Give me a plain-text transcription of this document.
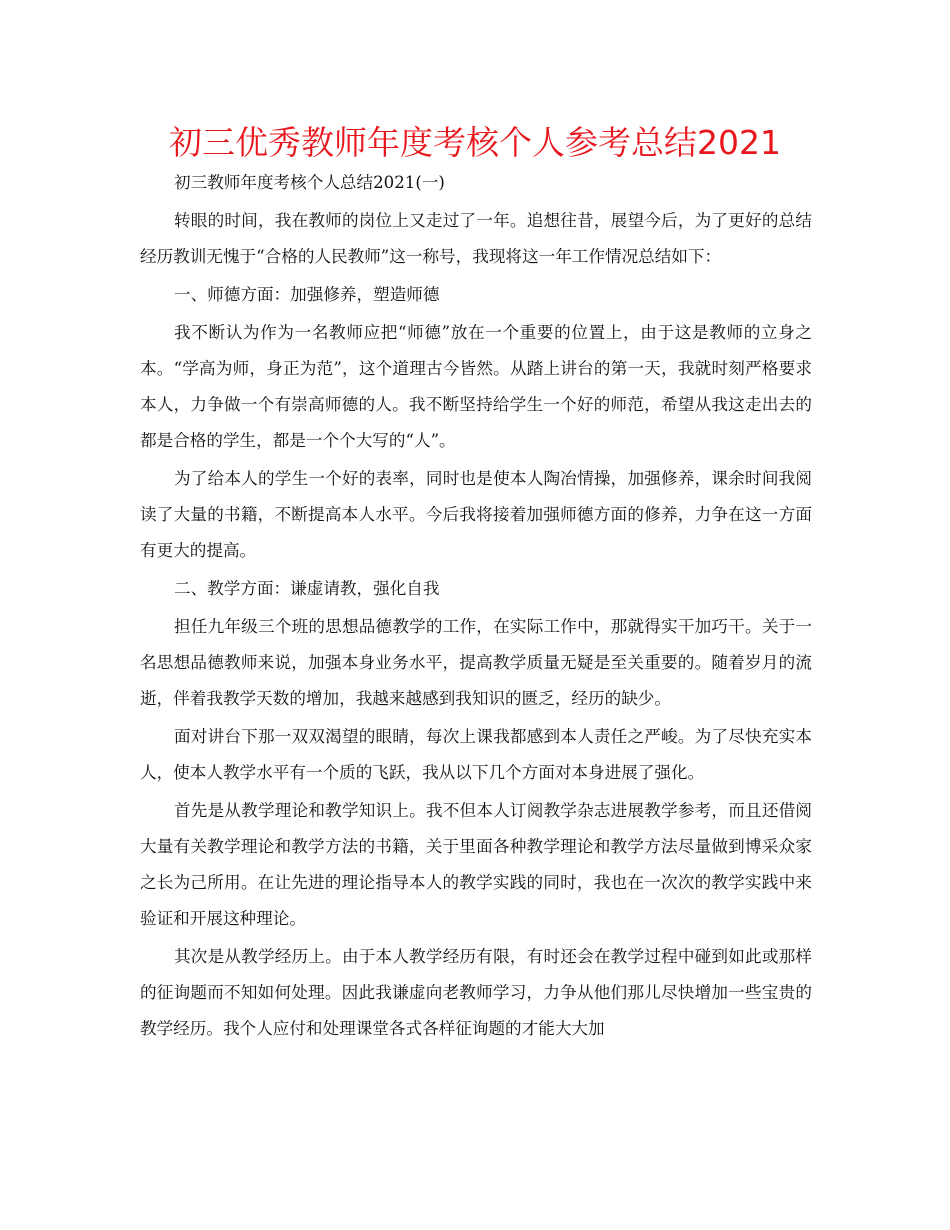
初三优秀教师年度考核个人参考总结2021

初三教师年度考核个人总结2021(一)

转眼的时间，我在教师的岗位上又走过了一年。追想往昔，展望今后，为了更好的总结经历教训无愧于“合格的人民教师”这一称号，我现将这一年工作情况总结如下：

一、师德方面：加强修养，塑造师德

我不断认为作为一名教师应把“师德”放在一个重要的位置上，由于这是教师的立身之本。“学高为师，身正为范”，这个道理古今皆然。从踏上讲台的第一天，我就时刻严格要求本人，力争做一个有崇高师德的人。我不断坚持给学生一个好的师范，希望从我这走出去的都是合格的学生，都是一个个大写的“人”。

为了给本人的学生一个好的表率，同时也是使本人陶冶情操，加强修养，课余时间我阅读了大量的书籍，不断提高本人水平。今后我将接着加强师德方面的修养，力争在这一方面有更大的提高。

二、教学方面：谦虚请教，强化自我

担任九年级三个班的思想品德教学的工作，在实际工作中，那就得实干加巧干。关于一名思想品德教师来说，加强本身业务水平，提高教学质量无疑是至关重要的。随着岁月的流逝，伴着我教学天数的增加，我越来越感到我知识的匮乏，经历的缺少。

面对讲台下那一双双渴望的眼睛，每次上课我都感到本人责任之严峻。为了尽快充实本人，使本人教学水平有一个质的飞跃，我从以下几个方面对本身进展了强化。

首先是从教学理论和教学知识上。我不但本人订阅教学杂志进展教学参考，而且还借阅大量有关教学理论和教学方法的书籍，关于里面各种教学理论和教学方法尽量做到博采众家之长为己所用。在让先进的理论指导本人的教学实践的同时，我也在一次次的教学实践中来验证和开展这种理论。

其次是从教学经历上。由于本人教学经历有限，有时还会在教学过程中碰到如此或那样的征询题而不知如何处理。因此我谦虚向老教师学习，力争从他们那儿尽快增加一些宝贵的教学经历。我个人应付和处理课堂各式各样征询题的才能大大加
